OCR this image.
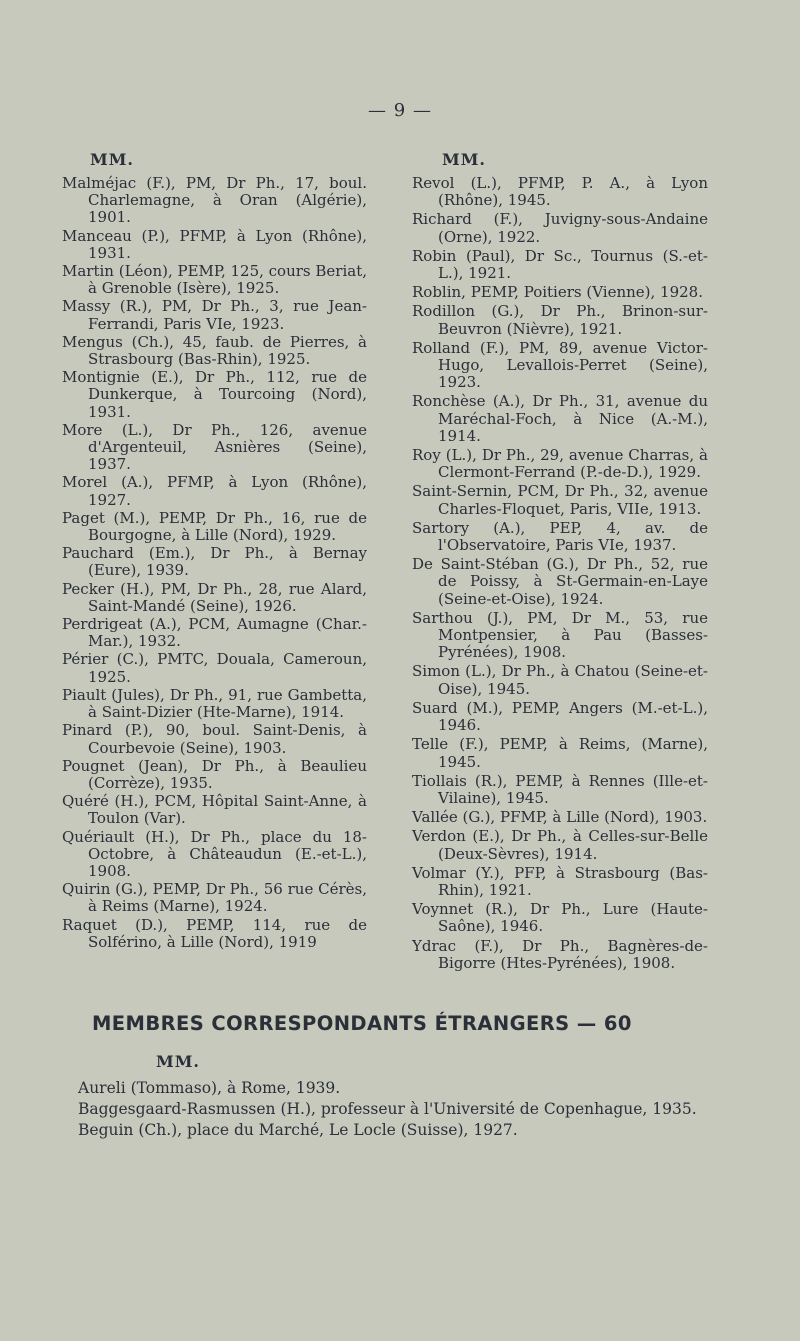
— 9 —
MM.
Malméjac (F.), PM, Dr Ph., 17, boul. Charlemagne, à Oran (Algérie), 1901.
Manceau (P.), PFMP, à Lyon (Rhône), 1931.
Martin (Léon), PEMP, 125, cours Beriat, à Grenoble (Isère), 1925.
Massy (R.), PM, Dr Ph., 3, rue Jean-Ferrandi, Paris VIe, 1923.
Mengus (Ch.), 45, faub. de Pierres, à Strasbourg (Bas-Rhin), 1925.
Montignie (E.), Dr Ph., 112, rue de Dunkerque, à Tourcoing (Nord), 1931.
More (L.), Dr Ph., 126, avenue d'Argenteuil, Asnières (Seine), 1937.
Morel (A.), PFMP, à Lyon (Rhône), 1927.
Paget (M.), PEMP, Dr Ph., 16, rue de Bourgogne, à Lille (Nord), 1929.
Pauchard (Em.), Dr Ph., à Bernay (Eure), 1939.
Pecker (H.), PM, Dr Ph., 28, rue Alard, Saint-Mandé (Seine), 1926.
Perdrigeat (A.), PCM, Aumagne (Char.-Mar.), 1932.
Périer (C.), PMTC, Douala, Cameroun, 1925.
Piault (Jules), Dr Ph., 91, rue Gambetta, à Saint-Dizier (Hte-Marne), 1914.
Pinard (P.), 90, boul. Saint-Denis, à Courbevoie (Seine), 1903.
Pougnet (Jean), Dr Ph., à Beaulieu (Corrèze), 1935.
Quéré (H.), PCM, Hôpital Saint-Anne, à Toulon (Var).
Quériault (H.), Dr Ph., place du 18-Octobre, à Châteaudun (E.-et-L.), 1908.
Quirin (G.), PEMP, Dr Ph., 56 rue Cérès, à Reims (Marne), 1924.
Raquet (D.), PEMP, 114, rue de Solférino, à Lille (Nord), 1919
MM.
Revol (L.), PFMP, P. A., à Lyon (Rhône), 1945.
Richard (F.), Juvigny-sous-Andaine (Orne), 1922.
Robin (Paul), Dr Sc., Tournus (S.-et-L.), 1921.
Roblin, PEMP, Poitiers (Vienne), 1928.
Rodillon (G.), Dr Ph., Brinon-sur-Beuvron (Nièvre), 1921.
Rolland (F.), PM, 89, avenue Victor-Hugo, Levallois-Perret (Seine), 1923.
Ronchèse (A.), Dr Ph., 31, avenue du Maréchal-Foch, à Nice (A.-M.), 1914.
Roy (L.), Dr Ph., 29, avenue Charras, à Clermont-Ferrand (P.-de-D.), 1929.
Saint-Sernin, PCM, Dr Ph., 32, avenue Charles-Floquet, Paris, VIIe, 1913.
Sartory (A.), PEP, 4, av. de l'Observatoire, Paris VIe, 1937.
De Saint-Stéban (G.), Dr Ph., 52, rue de Poissy, à St-Germain-en-Laye (Seine-et-Oise), 1924.
Sarthou (J.), PM, Dr M., 53, rue Montpensier, à Pau (Basses-Pyrénées), 1908.
Simon (L.), Dr Ph., à Chatou (Seine-et-Oise), 1945.
Suard (M.), PEMP, Angers (M.-et-L.), 1946.
Telle (F.), PEMP, à Reims, (Marne), 1945.
Tiollais (R.), PEMP, à Rennes (Ille-et-Vilaine), 1945.
Vallée (G.), PFMP, à Lille (Nord), 1903.
Verdon (E.), Dr Ph., à Celles-sur-Belle (Deux-Sèvres), 1914.
Volmar (Y.), PFP, à Strasbourg (Bas-Rhin), 1921.
Voynnet (R.), Dr Ph., Lure (Haute-Saône), 1946.
Ydrac (F.), Dr Ph., Bagnères-de-Bigorre (Htes-Pyrénées), 1908.
MEMBRES CORRESPONDANTS ÉTRANGERS — 60
MM.
Aureli (Tommaso), à Rome, 1939.
Baggesgaard-Rasmussen (H.), professeur à l'Université de Copenhague, 1935.
Beguin (Ch.), place du Marché, Le Locle (Suisse), 1927.
